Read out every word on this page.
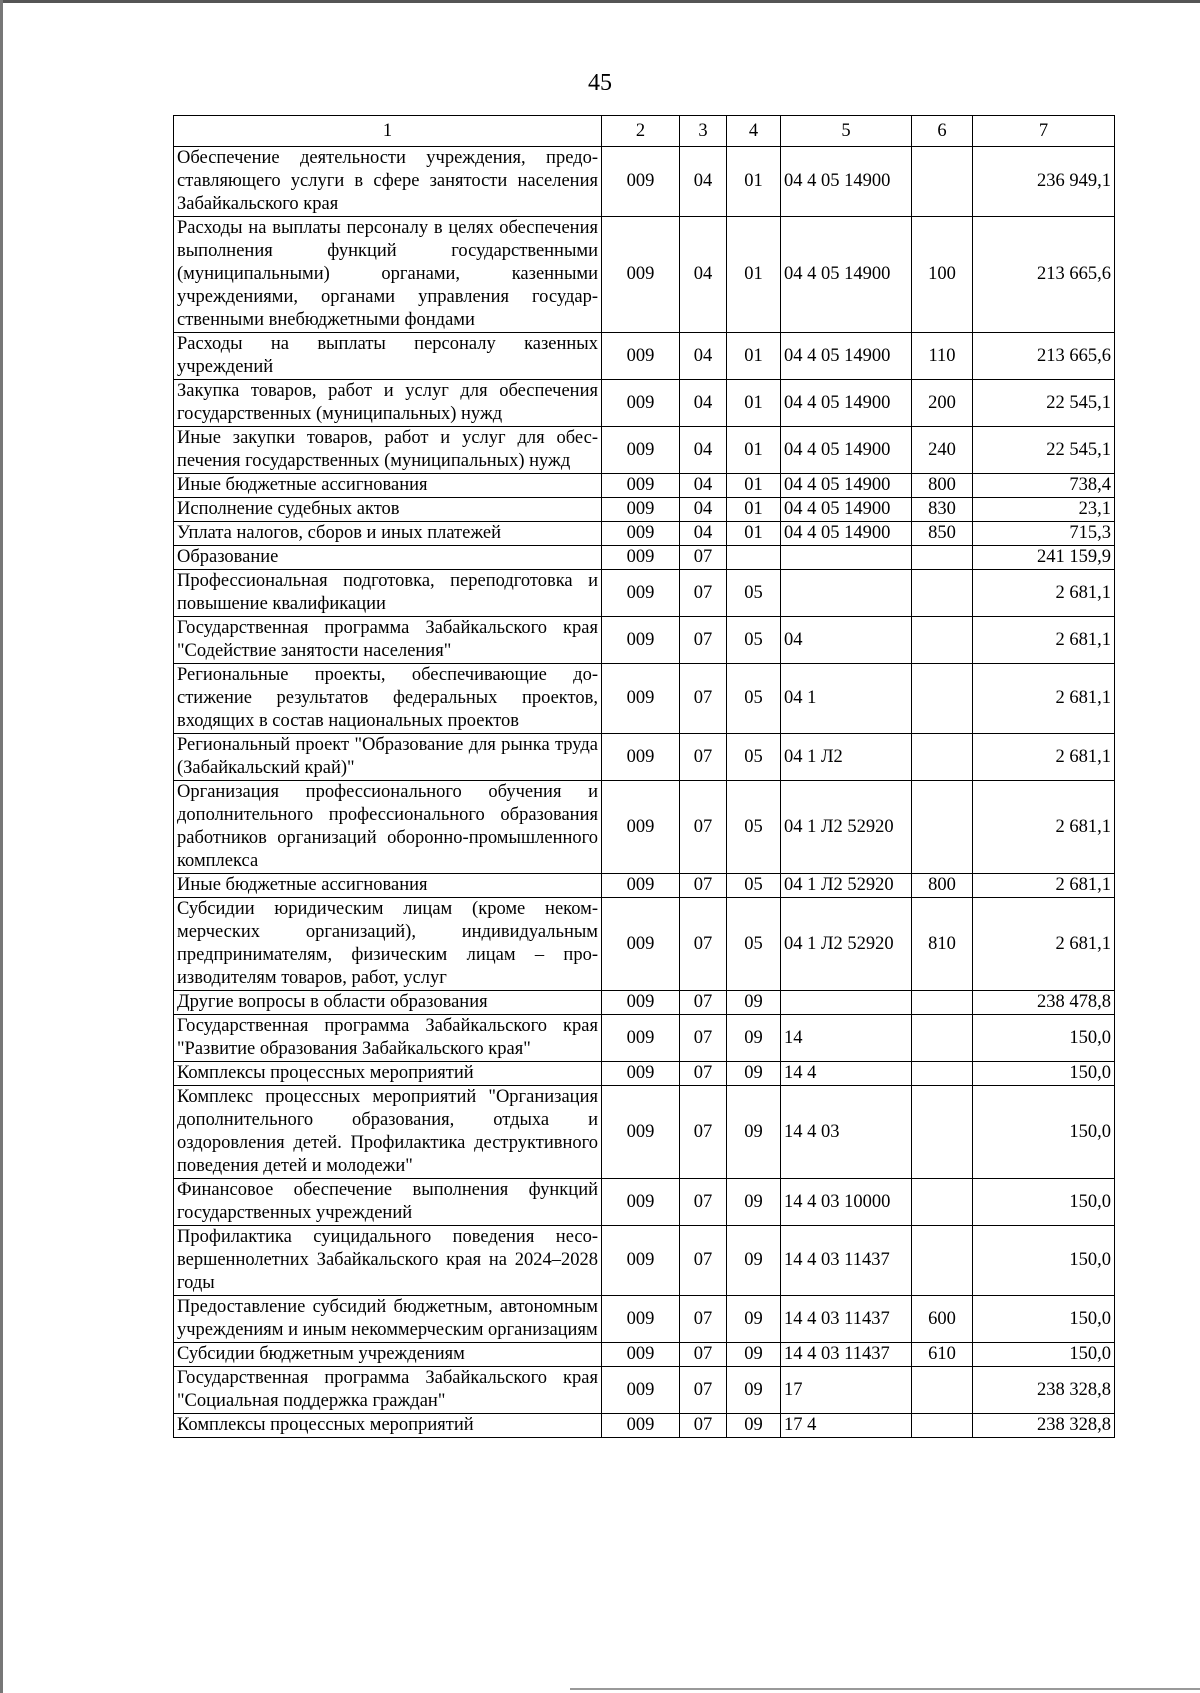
45
1	2	3	4	5	6	7
Обеспечение деятельности учреждения, предоставляющего услуги в сфере занятости населения Забайкальского края	009	04	01	04 4 05 14900		236 949,1
Расходы на выплаты персоналу в целях обеспечения выполнения функций государственными (муниципальными) органами, казенными учреждениями, органами управления государственными внебюджетными фондами	009	04	01	04 4 05 14900	100	213 665,6
Расходы на выплаты персоналу казенных учреждений	009	04	01	04 4 05 14900	110	213 665,6
Закупка товаров, работ и услуг для обеспечения государственных (муниципальных) нужд	009	04	01	04 4 05 14900	200	22 545,1
Иные закупки товаров, работ и услуг для обеспечения государственных (муниципальных) нужд	009	04	01	04 4 05 14900	240	22 545,1
Иные бюджетные ассигнования	009	04	01	04 4 05 14900	800	738,4
Исполнение судебных актов	009	04	01	04 4 05 14900	830	23,1
Уплата налогов, сборов и иных платежей	009	04	01	04 4 05 14900	850	715,3
Образование	009	07				241 159,9
Профессиональная подготовка, переподготовка и повышение квалификации	009	07	05			2 681,1
Государственная программа Забайкальского края "Содействие занятости населения"	009	07	05	04		2 681,1
Региональные проекты, обеспечивающие достижение результатов федеральных проектов, входящих в состав национальных проектов	009	07	05	04 1		2 681,1
Региональный проект "Образование для рынка труда (Забайкальский край)"	009	07	05	04 1 Л2		2 681,1
Организация профессионального обучения и дополнительного профессионального образования работников организаций оборонно-промышленного комплекса	009	07	05	04 1 Л2 52920		2 681,1
Иные бюджетные ассигнования	009	07	05	04 1 Л2 52920	800	2 681,1
Субсидии юридическим лицам (кроме некоммерческих организаций), индивидуальным предпринимателям, физическим лицам – производителям товаров, работ, услуг	009	07	05	04 1 Л2 52920	810	2 681,1
Другие вопросы в области образования	009	07	09			238 478,8
Государственная программа Забайкальского края "Развитие образования Забайкальского края"	009	07	09	14		150,0
Комплексы процессных мероприятий	009	07	09	14 4		150,0
Комплекс процессных мероприятий "Организация дополнительного образования, отдыха и оздоровления детей. Профилактика деструктивного поведения детей и молодежи"	009	07	09	14 4 03		150,0
Финансовое обеспечение выполнения функций государственных учреждений	009	07	09	14 4 03 10000		150,0
Профилактика суицидального поведения несовершеннолетних Забайкальского края на 2024–2028 годы	009	07	09	14 4 03 11437		150,0
Предоставление субсидий бюджетным, автономным учреждениям и иным некоммерческим организациям	009	07	09	14 4 03 11437	600	150,0
Субсидии бюджетным учреждениям	009	07	09	14 4 03 11437	610	150,0
Государственная программа Забайкальского края "Социальная поддержка граждан"	009	07	09	17		238 328,8
Комплексы процессных мероприятий	009	07	09	17 4		238 328,8
